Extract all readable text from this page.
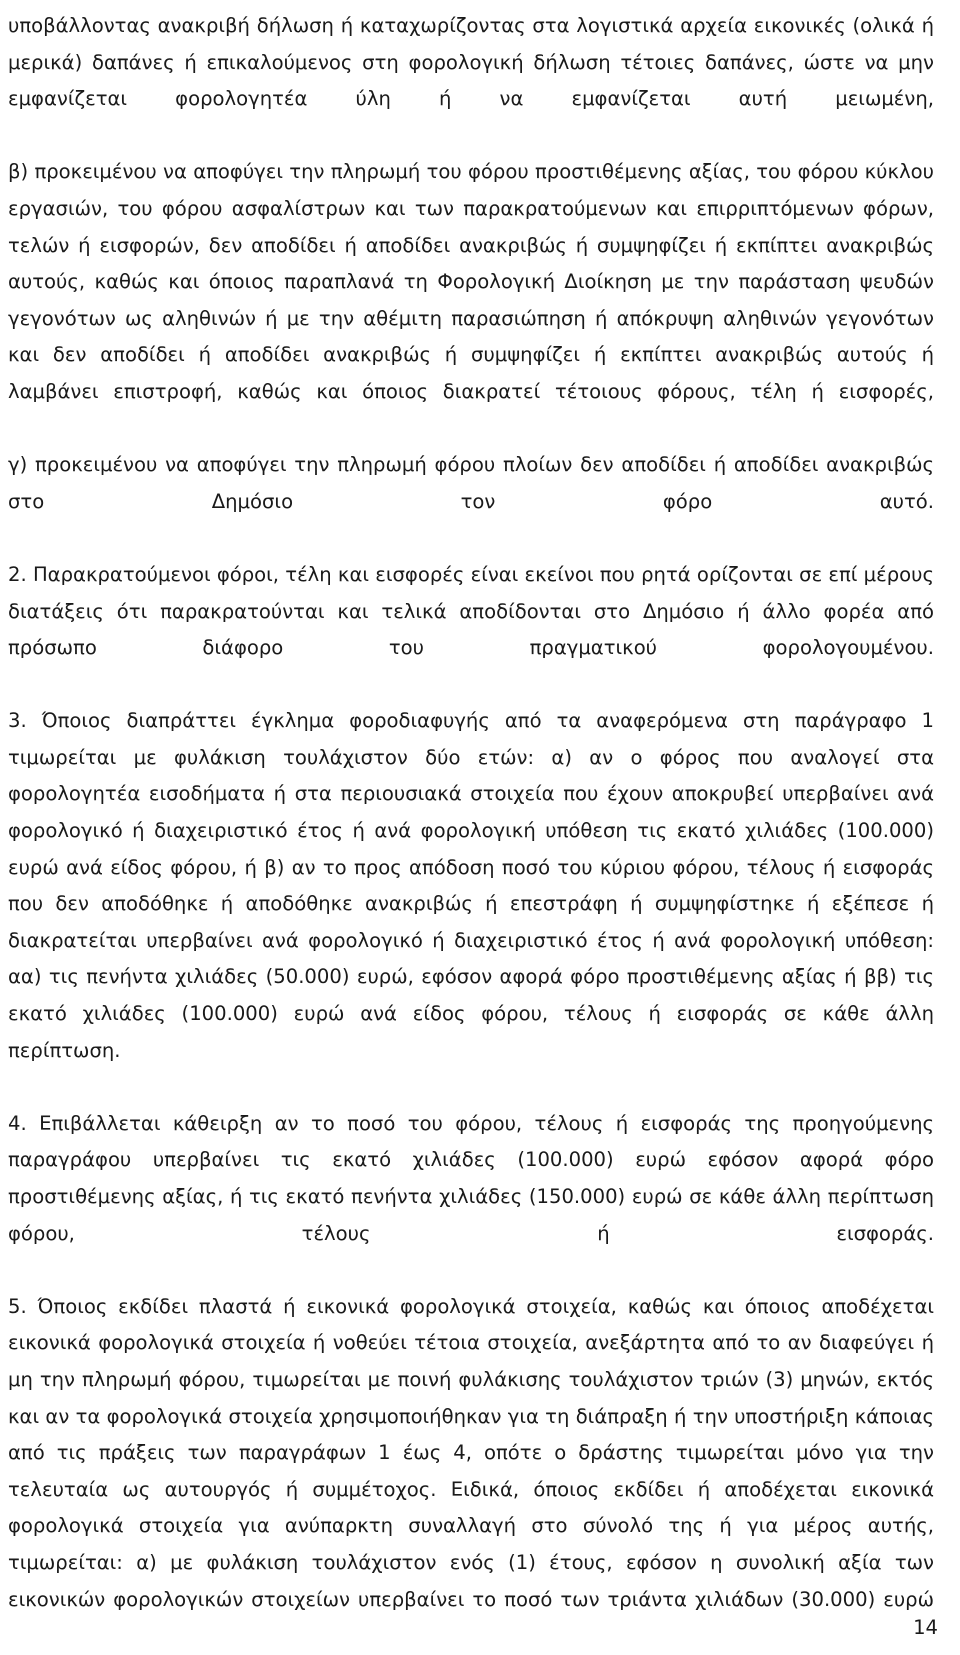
υποβάλλοντας ανακριβή δήλωση ή καταχωρίζοντας στα λογιστικά αρχεία εικονικές (ολικά ή μερικά) δαπάνες ή επικαλούμενος στη φορολογική δήλωση τέτοιες δαπάνες, ώστε να μην εμφανίζεται φορολογητέα ύλη ή να εμφανίζεται αυτή μειωμένη,

β) προκειμένου να αποφύγει την πληρωμή του φόρου προστιθέμενης αξίας, του φόρου κύκλου εργασιών, του φόρου ασφαλίστρων και των παρακρατούμενων και επιρριπτόμενων φόρων, τελών ή εισφορών, δεν αποδίδει ή αποδίδει ανακριβώς ή συμψηφίζει ή εκπίπτει ανακριβώς αυτούς, καθώς και όποιος παραπλανά τη Φορολογική Διοίκηση με την παράσταση ψευδών γεγονότων ως αληθινών ή με την αθέμιτη παρασιώπηση ή απόκρυψη αληθινών γεγονότων και δεν αποδίδει ή αποδίδει ανακριβώς ή συμψηφίζει ή εκπίπτει ανακριβώς αυτούς ή λαμβάνει επιστροφή, καθώς και όποιος διακρατεί τέτοιους φόρους, τέλη ή εισφορές,

γ) προκειμένου να αποφύγει την πληρωμή φόρου πλοίων δεν αποδίδει ή αποδίδει ανακριβώς στο Δημόσιο τον φόρο αυτό.

2. Παρακρατούμενοι φόροι, τέλη και εισφορές είναι εκείνοι που ρητά ορίζονται σε επί μέρους διατάξεις ότι παρακρατούνται και τελικά αποδίδονται στο Δημόσιο ή άλλο φορέα από πρόσωπο διάφορο του πραγματικού φορολογουμένου.

3. Όποιος διαπράττει έγκλημα φοροδιαφυγής από τα αναφερόμενα στη παράγραφο 1 τιμωρείται με φυλάκιση τουλάχιστον δύο ετών: α) αν ο φόρος που αναλογεί στα φορολογητέα εισοδήματα ή στα περιουσιακά στοιχεία που έχουν αποκρυβεί υπερβαίνει ανά φορολογικό ή διαχειριστικό έτος ή ανά φορολογική υπόθεση τις εκατό χιλιάδες (100.000) ευρώ ανά είδος φόρου, ή β) αν το προς απόδοση ποσό του κύριου φόρου, τέλους ή εισφοράς που δεν αποδόθηκε ή αποδόθηκε ανακριβώς ή επεστράφη ή συμψηφίστηκε ή εξέπεσε ή διακρατείται υπερβαίνει ανά φορολογικό ή διαχειριστικό έτος ή ανά φορολογική υπόθεση: αα) τις πενήντα χιλιάδες (50.000) ευρώ, εφόσον αφορά φόρο προστιθέμενης αξίας ή ββ) τις εκατό χιλιάδες (100.000) ευρώ ανά είδος φόρου, τέλους ή εισφοράς σε κάθε άλλη περίπτωση.

4. Επιβάλλεται κάθειρξη αν το ποσό του φόρου, τέλους ή εισφοράς της προηγούμενης παραγράφου υπερβαίνει τις εκατό χιλιάδες (100.000) ευρώ εφόσον αφορά φόρο προστιθέμενης αξίας, ή τις εκατό πενήντα χιλιάδες (150.000) ευρώ σε κάθε άλλη περίπτωση φόρου, τέλους ή εισφοράς.

5. Όποιος εκδίδει πλαστά ή εικονικά φορολογικά στοιχεία, καθώς και όποιος αποδέχεται εικονικά φορολογικά στοιχεία ή νοθεύει τέτοια στοιχεία, ανεξάρτητα από το αν διαφεύγει ή μη την πληρωμή φόρου, τιμωρείται με ποινή φυλάκισης τουλάχιστον τριών (3) μηνών, εκτός και αν τα φορολογικά στοιχεία χρησιμοποιήθηκαν για τη διάπραξη ή την υποστήριξη κάποιας από τις πράξεις των παραγράφων 1 έως 4, οπότε ο δράστης τιμωρείται μόνο για την τελευταία ως αυτουργός ή συμμέτοχος. Ειδικά, όποιος εκδίδει ή αποδέχεται εικονικά φορολογικά στοιχεία για ανύπαρκτη συναλλαγή στο σύνολό της ή για μέρος αυτής, τιμωρείται: α) με φυλάκιση τουλάχιστον ενός (1) έτους, εφόσον η συνολική αξία των εικονικών φορολογικών στοιχείων υπερβαίνει το ποσό των τριάντα χιλιάδων (30.000) ευρώ

14
